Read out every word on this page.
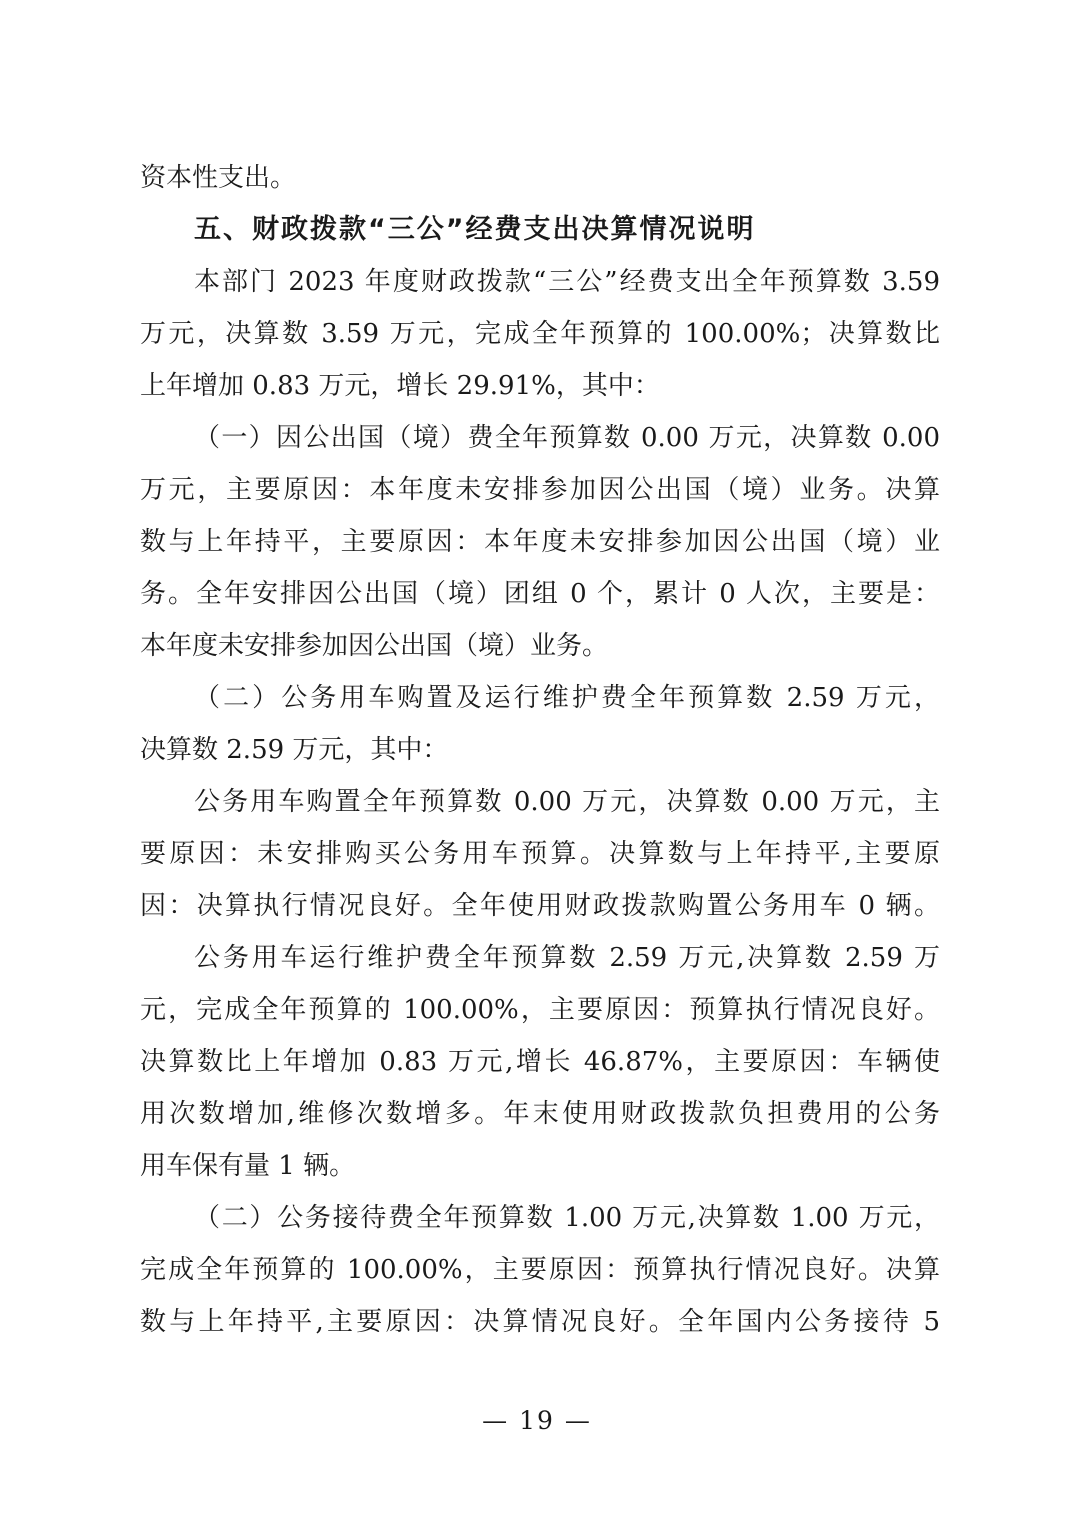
资本性支出。
五、财政拨款“三公”经费支出决算情况说明
本部门 2023 年度财政拨款“三公”经费支出全年预算数 3.59
万元，决算数 3.59 万元，完成全年预算的 100.00%；决算数比
上年增加 0.83 万元，增长 29.91%，其中：
（一）因公出国（境）费全年预算数 0.00 万元，决算数 0.00
万元，主要原因：本年度未安排参加因公出国（境）业务。决算
数与上年持平，主要原因：本年度未安排参加因公出国（境）业
务。全年安排因公出国（境）团组 0 个，累计 0 人次，主要是：
本年度未安排参加因公出国（境）业务。
（二）公务用车购置及运行维护费全年预算数 2.59 万元，
决算数 2.59 万元，其中：
公务用车购置全年预算数 0.00 万元，决算数 0.00 万元，主
要原因：未安排购买公务用车预算。决算数与上年持平,主要原
因：决算执行情况良好。全年使用财政拨款购置公务用车 0 辆。
公务用车运行维护费全年预算数 2.59 万元,决算数 2.59 万
元，完成全年预算的 100.00%，主要原因：预算执行情况良好。
决算数比上年增加 0.83 万元,增长 46.87%，主要原因：车辆使
用次数增加,维修次数增多。年末使用财政拨款负担费用的公务
用车保有量 1 辆。
（二）公务接待费全年预算数 1.00 万元,决算数 1.00 万元，
完成全年预算的 100.00%，主要原因：预算执行情况良好。决算
数与上年持平,主要原因：决算情况良好。全年国内公务接待 5
— 19 —
